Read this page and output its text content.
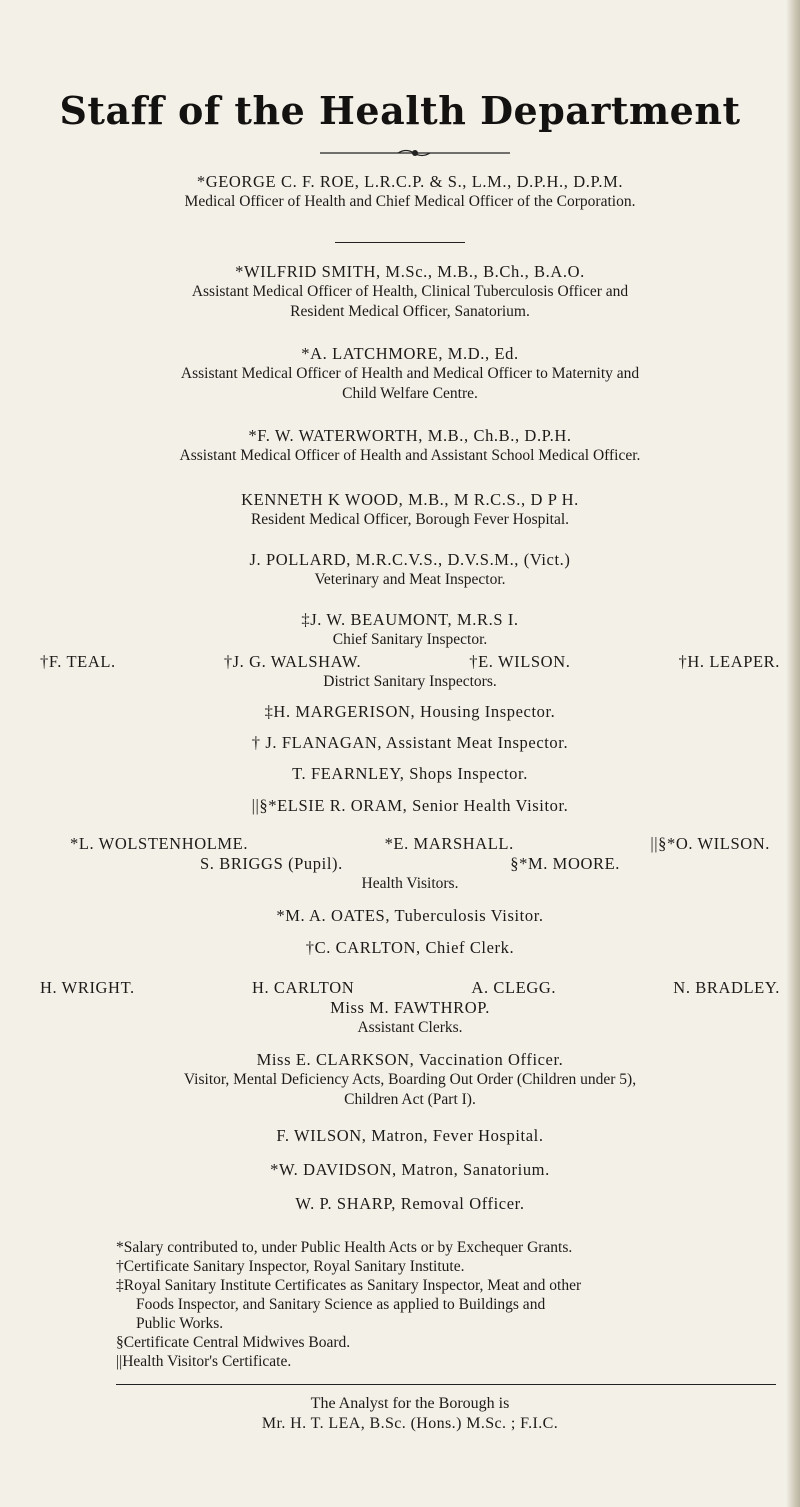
Staff of the Health Department
*GEORGE C. F. ROE, L.R.C.P. & S., L.M., D.P.H., D.P.M.
Medical Officer of Health and Chief Medical Officer of the Corporation.
*WILFRID SMITH, M.Sc., M.B., B.Ch., B.A.O.
Assistant Medical Officer of Health, Clinical Tuberculosis Officer and
Resident Medical Officer, Sanatorium.
*A. LATCHMORE, M.D., Ed.
Assistant Medical Officer of Health and Medical Officer to Maternity and
Child Welfare Centre.
*F. W. WATERWORTH, M.B., Ch.B., D.P.H.
Assistant Medical Officer of Health and Assistant School Medical Officer.
KENNETH K WOOD, M.B., M R.C.S., D P H.
Resident Medical Officer, Borough Fever Hospital.
J. POLLARD, M.R.C.V.S., D.V.S.M., (Vict.)
Veterinary and Meat Inspector.
‡J. W. BEAUMONT, M.R.S I.
Chief Sanitary Inspector.
†F. TEAL.	†J. G. WALSHAW.	†E. WILSON.	†H. LEAPER.
District Sanitary Inspectors.
‡H. MARGERISON, Housing Inspector.
† J. FLANAGAN, Assistant Meat Inspector.
T. FEARNLEY, Shops Inspector.
||§*ELSIE R. ORAM, Senior Health Visitor.
*L. WOLSTENHOLME.	*E. MARSHALL.	||§*O. WILSON.
S. BRIGGS (Pupil).	§*M. MOORE.
Health Visitors.
*M. A. OATES, Tuberculosis Visitor.
†C. CARLTON, Chief Clerk.
H. WRIGHT.	H. CARLTON	A. CLEGG.	N. BRADLEY.
Miss M. FAWTHROP.
Assistant Clerks.
Miss E. CLARKSON, Vaccination Officer.
Visitor, Mental Deficiency Acts, Boarding Out Order (Children under 5),
Children Act (Part I).
F. WILSON, Matron, Fever Hospital.
*W. DAVIDSON, Matron, Sanatorium.
W. P. SHARP, Removal Officer.

*Salary contributed to, under Public Health Acts or by Exchequer Grants.

†Certificate Sanitary Inspector, Royal Sanitary Institute.

‡Royal Sanitary Institute Certificates as Sanitary Inspector, Meat and other

Foods Inspector, and Sanitary Science as applied to Buildings and

Public Works.

§Certificate Central Midwives Board.

||Health Visitor's Certificate.

The Analyst for the Borough is
Mr. H. T. LEA, B.Sc. (Hons.) M.Sc. ; F.I.C.
